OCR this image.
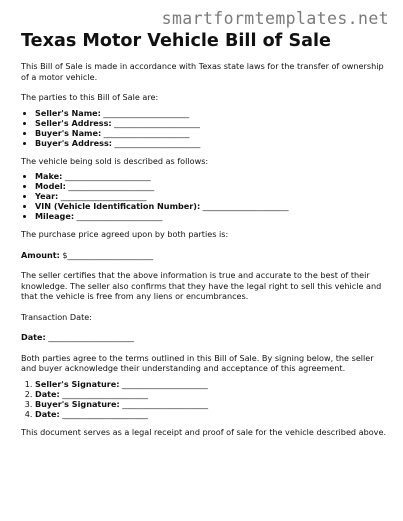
smartformtemplates.net
Texas Motor Vehicle Bill of Sale

This Bill of Sale is made in accordance with Texas state laws for the transfer of ownership of a motor vehicle.

The parties to this Bill of Sale are:

• Seller's Name: ______________________
• Seller's Address: ______________________
• Buyer's Name: ______________________
• Buyer's Address: ______________________

The vehicle being sold is described as follows:

• Make: ______________________
• Model: ______________________
• Year: ______________________
• VIN (Vehicle Identification Number): ______________________
• Mileage: ______________________

The purchase price agreed upon by both parties is:

Amount: $______________________

The seller certifies that the above information is true and accurate to the best of their knowledge. The seller also confirms that they have the legal right to sell this vehicle and that the vehicle is free from any liens or encumbrances.

Transaction Date:

Date: ______________________

Both parties agree to the terms outlined in this Bill of Sale. By signing below, the seller and buyer acknowledge their understanding and acceptance of this agreement.

1. Seller's Signature: ______________________
2. Date: ______________________
3. Buyer's Signature: ______________________
4. Date: ______________________

This document serves as a legal receipt and proof of sale for the vehicle described above.
